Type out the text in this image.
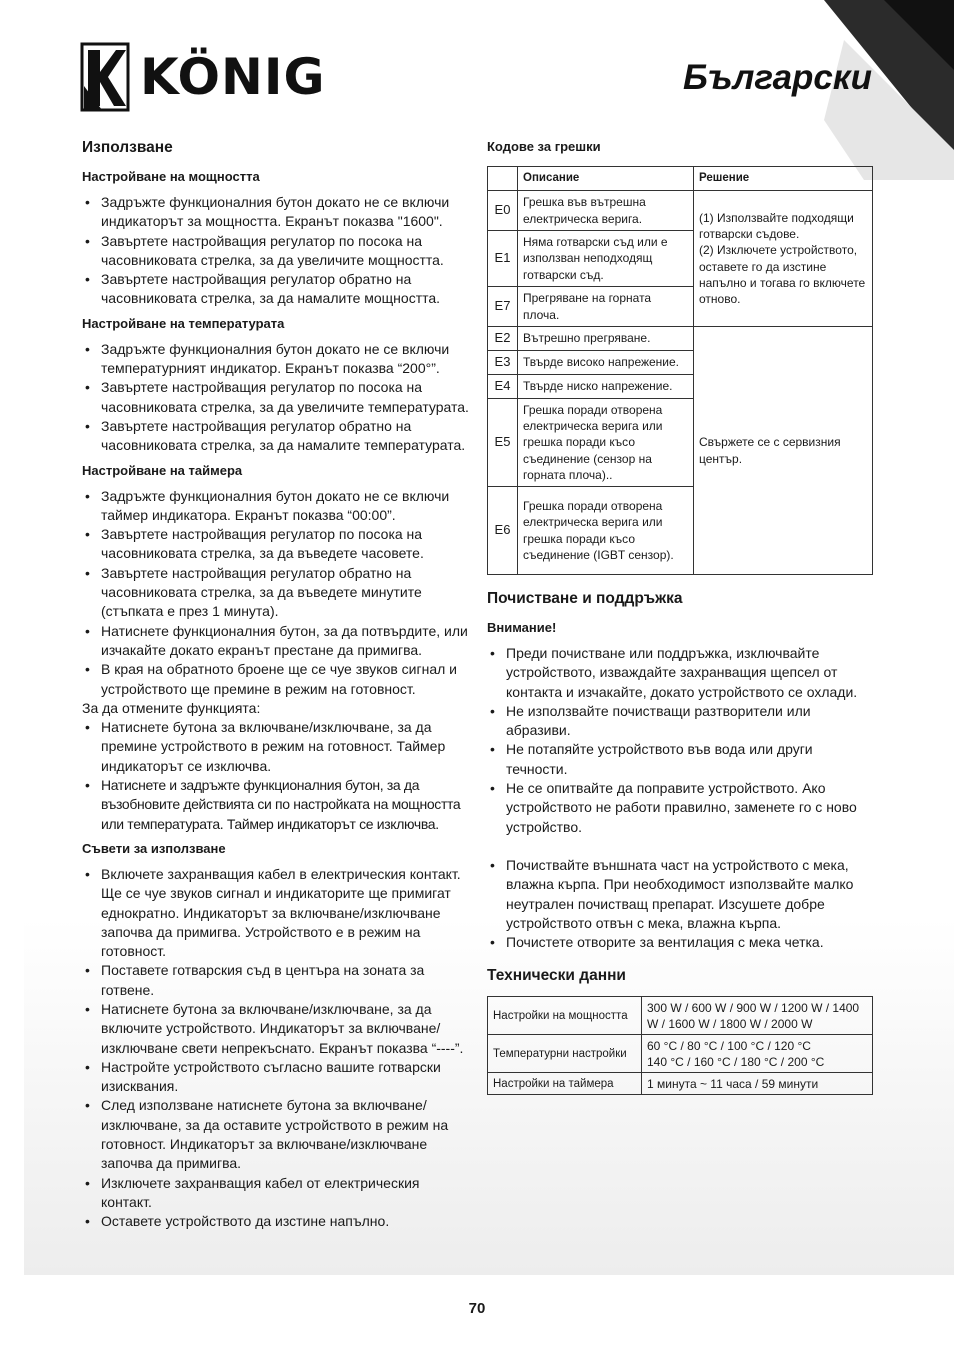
KÖNIG	Български
Използване
Настройване на мощността
• Задръжте функционалния бутон докато не се включи индикаторът за мощността. Екранът показва "1600".
• Завъртете настройващия регулатор по посока на часовниковата стрелка, за да увеличите мощността.
• Завъртете настройващия регулатор обратно на часовниковата стрелка, за да намалите мощността.
Настройване на температурата
• Задръжте функционалния бутон докато не се включи температурният индикатор. Екранът показва “200°”.
• Завъртете настройващия регулатор по посока на часовниковата стрелка, за да увеличите температурата.
• Завъртете настройващия регулатор обратно на часовниковата стрелка, за да намалите температурата.
Настройване на таймера
• Задръжте функционалния бутон докато не се включи таймер индикатора. Екранът показва “00:00”.
• Завъртете настройващия регулатор по посока на часовниковата стрелка, за да въведете часовете.
• Завъртете настройващия регулатор обратно на часовниковата стрелка, за да въведете минутите (стъпката е през 1 минута).
• Натиснете функционалния бутон, за да потвърдите, или изчакайте докато екранът престане да примигва.
• В края на обратното броене ще се чуе звуков сигнал и устройството ще премине в режим на готовност.

За да отмените функцията:

• Натиснете бутона за включване/изключване, за да премине устройството в режим на готовност. Таймер индикаторът се изключва.
• Натиснете и задръжте функционалния бутон, за да възобновите действията си по настройката на мощността или температурата. Таймер индикаторът се изключва.
Съвети за използване
• Включете захранващия кабел в електрическия контакт. Ще се чуе звуков сигнал и индикаторите ще примигат еднократно. Индикаторът за включване/изключване започва да примигва. Устройството е в режим на готовност.
• Поставете готварския съд в центъра на зоната за готвене.
• Натиснете бутона за включване/изключване, за да включите устройството. Индикаторът за включване/изключване свети непрекъснато. Екранът показва “----”.
• Настройте устройството съгласно вашите готварски изисквания.
• След използване натиснете бутона за включване/изключване, за да оставите устройството в режим на готовност. Индикаторът за включване/изключване започва да примигва.
• Изключете захранващия кабел от електрическия контакт.
• Оставете устройството да изстине напълно.
Кодове за грешки
	Описание	Решение
E0	Грешка във вътрешна електрическа верига.	(1) Използвайте подходящи готварски съдове.
(2) Изключете устройството, оставете го да изстине напълно и тогава го включете отново.
E1	Няма готварски съд или е използван неподходящ готварски съд.	
E7	Прегряване на горната плоча.	
E2	Вътрешно прегряване.	Свържете се с сервизния център.
E3	Твърде високо напрежение.	
E4	Твърде ниско напрежение.	
E5	Грешка поради отворена електрическа верига или грешка поради късо съединение (сензор на горната плоча)..	
E6	Грешка поради отворена електрическа верига или грешка поради късо съединение (IGBT сензор).	
Почистване и поддръжка
Внимание!
• Преди почистване или поддръжка, изключвайте устройството, изваждайте захранващия щепсел от контакта и изчакайте, докато устройството се охлади.
• Не използвайте почистващи разтворители или абразиви.
• Не потапяйте устройството във вода или други течности.
• Не се опитвайте да поправите устройството. Ако устройството не работи правилно, заменете го с ново устройство.
• Почиствайте външната част на устройството с мека, влажна кърпа. При необходимост използвайте малко неутрален почистващ препарат. Изсушете добре устройството отвън с мека, влажна кърпа.
• Почистете отворите за вентилация с мека четка.
Технически данни
Настройки на мощността	300 W / 600 W / 900 W / 1200 W / 1400 W / 1600 W / 1800 W / 2000 W
Температурни настройки	60 °C / 80 °C / 100 °C / 120 °C
140 °C / 160 °C / 180 °C / 200 °C
Настройки на таймера	1 минута ~ 11 часа / 59 минути
70
